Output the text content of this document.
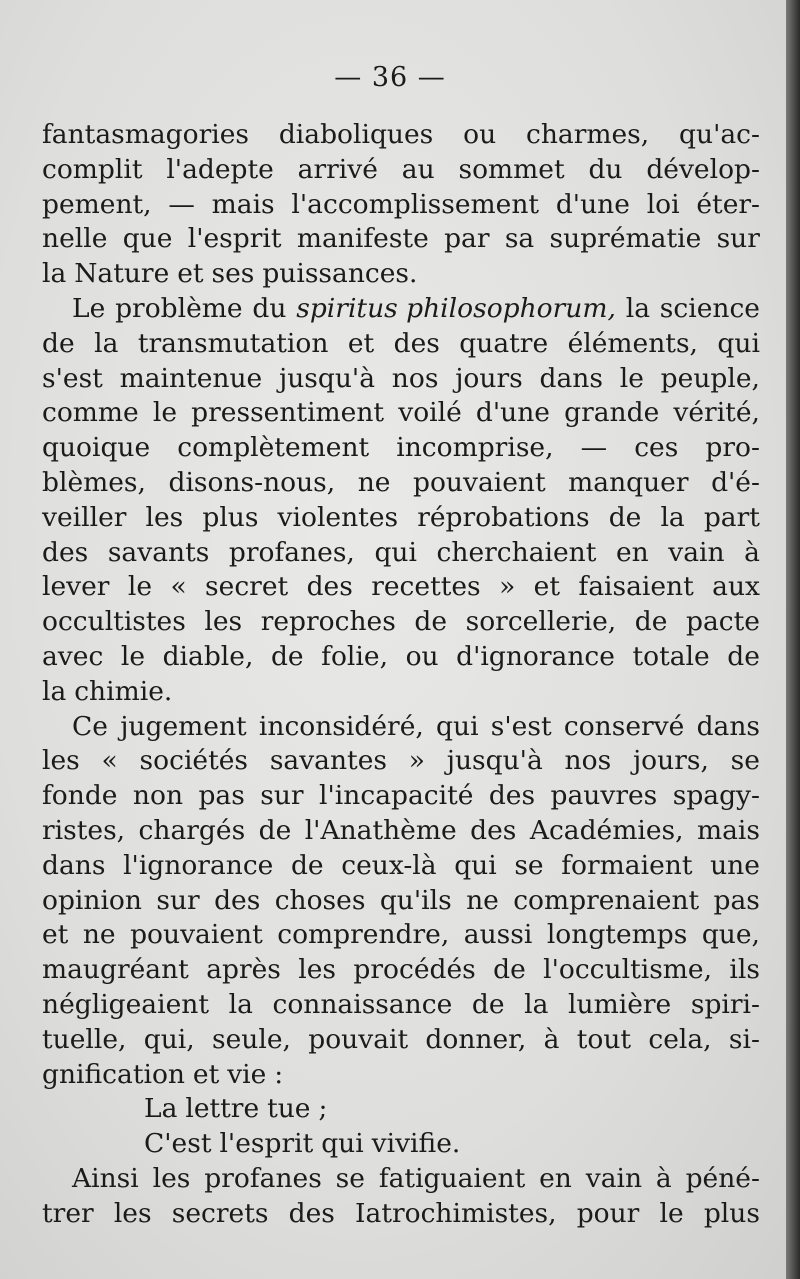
— 36 —
fantasmagories diaboliques ou charmes, qu'ac-
complit l'adepte arrivé au sommet du dévelop-
pement, — mais l'accomplissement d'une loi éter-
nelle que l'esprit manifeste par sa suprématie sur
la Nature et ses puissances.
Le problème du spiritus philosophorum, la science
de la transmutation et des quatre éléments, qui
s'est maintenue jusqu'à nos jours dans le peuple,
comme le pressentiment voilé d'une grande vérité,
quoique complètement incomprise, — ces pro-
blèmes, disons-nous, ne pouvaient manquer d'é-
veiller les plus violentes réprobations de la part
des savants profanes, qui cherchaient en vain à
lever le « secret des recettes » et faisaient aux
occultistes les reproches de sorcellerie, de pacte
avec le diable, de folie, ou d'ignorance totale de
la chimie.
Ce jugement inconsidéré, qui s'est conservé dans
les « sociétés savantes » jusqu'à nos jours, se
fonde non pas sur l'incapacité des pauvres spagy-
ristes, chargés de l'Anathème des Académies, mais
dans l'ignorance de ceux-là qui se formaient une
opinion sur des choses qu'ils ne comprenaient pas
et ne pouvaient comprendre, aussi longtemps que,
maugréant après les procédés de l'occultisme, ils
négligeaient la connaissance de la lumière spiri-
tuelle, qui, seule, pouvait donner, à tout cela, si-
gnification et vie :
La lettre tue ;
C'est l'esprit qui vivifie.
Ainsi les profanes se fatiguaient en vain à péné-
trer les secrets des Iatrochimistes, pour le plus
